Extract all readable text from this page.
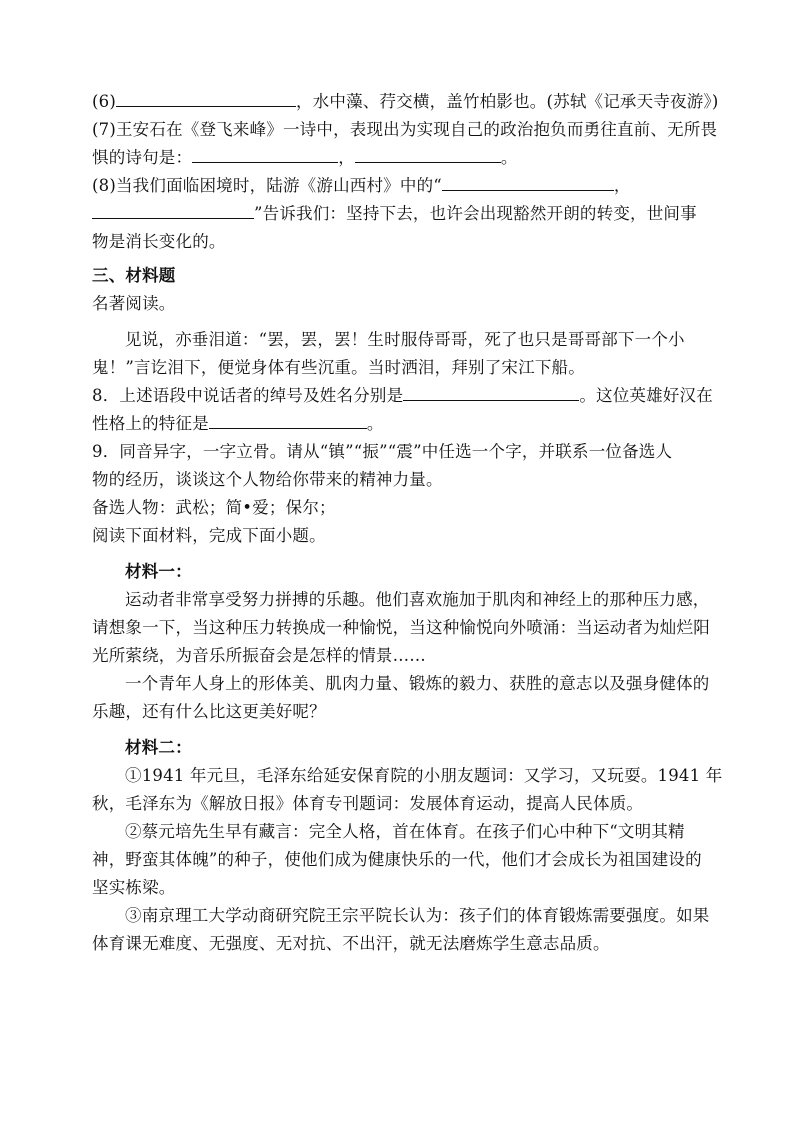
(6)	，水中藻、荇交横，盖竹柏影也。(苏轼《记承天寺夜游》)
(7)王安石在《登飞来峰》一诗中，表现出为实现自己的政治抱负而勇往直前、无所畏
惧的诗句是：	，	。
(8)当我们面临困境时，陆游《游山西村》中的“	，
”告诉我们：坚持下去，也许会出现豁然开朗的转变，世间事
物是消长变化的。
三、材料题
名著阅读。
见说，亦垂泪道：“罢，罢，罢！生时服侍哥哥，死了也只是哥哥部下一个小
鬼！”言讫泪下，便觉身体有些沉重。当时洒泪，拜别了宋江下船。
8．上述语段中说话者的绰号及姓名分别是	。这位英雄好汉在
性格上的特征是	。
9．同音异字，一字立骨。请从“镇”“振”“震”中任选一个字，并联系一位备选人
物的经历，谈谈这个人物给你带来的精神力量。
备选人物：武松；简•爱；保尔；
阅读下面材料，完成下面小题。
材料一：
运动者非常享受努力拼搏的乐趣。他们喜欢施加于肌肉和神经上的那种压力感，
请想象一下，当这种压力转换成一种愉悦，当这种愉悦向外喷涌：当运动者为灿烂阳
光所萦绕，为音乐所振奋会是怎样的情景……
一个青年人身上的形体美、肌肉力量、锻炼的毅力、获胜的意志以及强身健体的
乐趣，还有什么比这更美好呢？
材料二：
①1941 年元旦，毛泽东给延安保育院的小朋友题词：又学习，又玩耍。1941 年
秋，毛泽东为《解放日报》体育专刊题词：发展体育运动，提高人民体质。
②蔡元培先生早有藏言：完全人格，首在体育。在孩子们心中种下“文明其精
神，野蛮其体魄”的种子，使他们成为健康快乐的一代，他们才会成长为祖国建设的
坚实栋梁。
③南京理工大学动商研究院王宗平院长认为：孩子们的体育锻炼需要强度。如果
体育课无难度、无强度、无对抗、不出汗，就无法磨炼学生意志品质。
